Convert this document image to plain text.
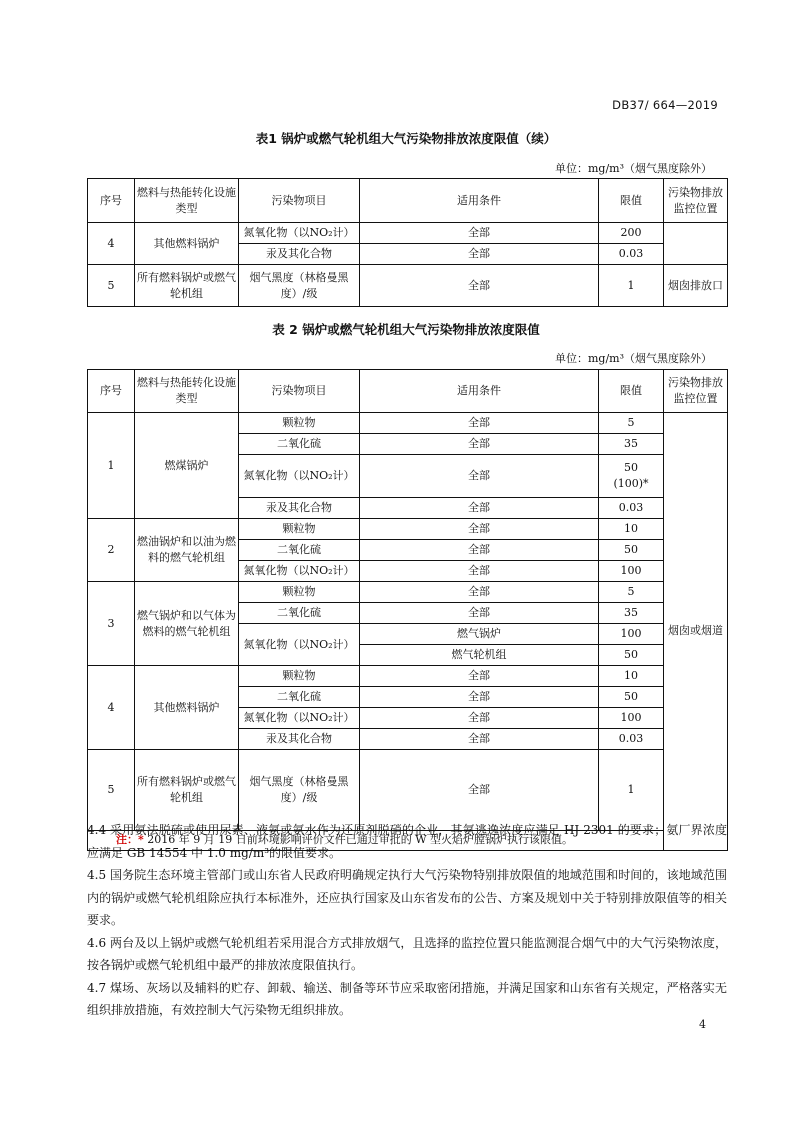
DB37/ 664—2019
表1 锅炉或燃气轮机组大气污染物排放浓度限值（续）
单位：mg/m³（烟气黑度除外）
序号	燃料与热能转化设施类型	污染物项目	适用条件	限值	污染物排放监控位置
4	其他燃料锅炉	氮氧化物（以NO₂计）	全部	200	
		汞及其化合物	全部	0.03	
5	所有燃料锅炉或燃气轮机组	烟气黑度（林格曼黑度）/级	全部	1	烟囱排放口
表 2 锅炉或燃气轮机组大气污染物排放浓度限值
单位：mg/m³（烟气黑度除外）
序号	燃料与热能转化设施类型	污染物项目	适用条件	限值	污染物排放监控位置	
1	燃煤锅炉	颗粒物	全部	5	烟囱或烟道	
		二氧化硫	全部	35		
		氮氧化物（以NO₂计）	全部	50
(100)*		

		汞及其化合物	全部	0.03		
2	燃油锅炉和以油为燃料的燃气轮机组	颗粒物	全部	10		
		二氧化硫	全部	50		
		氮氧化物（以NO₂计）	全部	100		
3	燃气锅炉和以气体为燃料的燃气轮机组	颗粒物	全部	5		
		二氧化硫	全部	35		
		氮氧化物（以NO₂计）	燃气锅炉	100		
			燃气轮机组	50		
4	其他燃料锅炉	颗粒物	全部	10		
		二氧化硫	全部	50		
		氮氧化物（以NO₂计）	全部	100		
		汞及其化合物	全部	0.03		
5	所有燃料锅炉或燃气轮机组	烟气黑度（林格曼黑度）/级	全部	1	
注：* 2016 年 9 月 19 日前环境影响评价文件已通过审批的 W 型火焰炉膛锅炉执行该限值。						

4.4 采用氨法脱硫或使用尿素、液氨或氨水作为还原剂脱硝的企业，其氨逃逸浓度应满足 HJ 2301 的要求；氨厂界浓度应满足 GB 14554 中 1.0 mg/m³的限值要求。

4.5 国务院生态环境主管部门或山东省人民政府明确规定执行大气污染物特别排放限值的地域范围和时间的，该地域范围内的锅炉或燃气轮机组除应执行本标准外，还应执行国家及山东省发布的公告、方案及规划中关于特别排放限值等的相关要求。

4.6 两台及以上锅炉或燃气轮机组若采用混合方式排放烟气，且选择的监控位置只能监测混合烟气中的大气污染物浓度，按各锅炉或燃气轮机组中最严的排放浓度限值执行。

4.7 煤场、灰场以及辅料的贮存、卸载、输送、制备等环节应采取密闭措施，并满足国家和山东省有关规定，严格落实无组织排放措施，有效控制大气污染物无组织排放。

4
